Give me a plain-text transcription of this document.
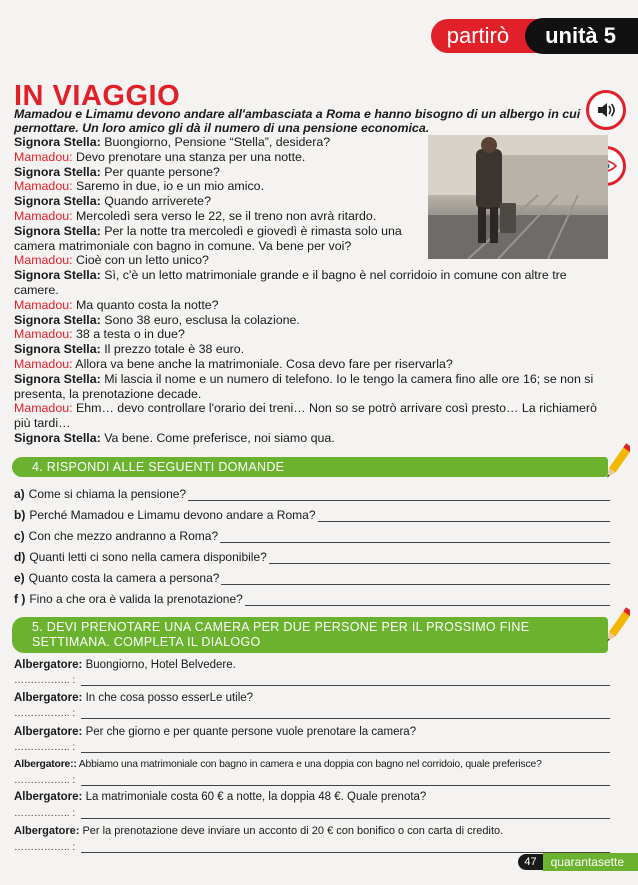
partirò	unità 5
IN VIAGGIO
Mamadou e Limamu devono andare all'ambasciata a Roma e hanno bisogno di un albergo in cui pernottare. Un loro amico gli dà il numero di una pensione economica.

Signora Stella: Buongiorno, Pensione “Stella”, desidera?

Mamadou: Devo prenotare una stanza per una notte.

Signora Stella: Per quante persone?

Mamadou: Saremo in due, io e un mio amico.

Signora Stella: Quando arriverete?

Mamadou: Mercoledì sera verso le 22, se il treno non avrà ritardo.

Signora Stella: Per la notte tra mercoledì e giovedì è rimasta solo una camera matrimoniale con bagno in comune. Va bene per voi?

Mamadou: Cioè con un letto unico?

Signora Stella: Sì, c'è un letto matrimoniale grande e il bagno è nel corridoio in comune con altre tre camere.

Mamadou: Ma quanto costa la notte?

Signora Stella: Sono 38 euro, esclusa la colazione.

Mamadou: 38 a testa o in due?

Signora Stella: Il prezzo totale è 38 euro.

Mamadou: Allora va bene anche la matrimoniale. Cosa devo fare per riservarla?

Signora Stella: Mi lascia il nome e un numero di telefono. Io le tengo la camera fino alle ore 16; se non si presenta, la prenotazione decade.

Mamadou: Ehm… devo controllare l'orario dei treni… Non so se potrò arrivare così presto… La richiamerò più tardi…

Signora Stella: Va bene. Come preferisce, noi siamo qua.

4. RISPONDI ALLE SEGUENTI DOMANDE
a) Come si chiama la pensione?
b) Perché Mamadou e Limamu devono andare a Roma?
c) Con che mezzo andranno a Roma?
d) Quanti letti ci sono nella camera disponibile?
e) Quanto costa la camera a persona?
f ) Fino a che ora è valida la prenotazione?
5. DEVI PRENOTARE UNA CAMERA PER DUE PERSONE PER IL PROSSIMO FINE
SETTIMANA. COMPLETA IL DIALOGO
Albergatore: Buongiorno, Hotel Belvedere.
…………….. :
Albergatore: In che cosa posso esserLe utile?
…………….. :
Albergatore: Per che giorno e per quante persone vuole prenotare la camera?
…………….. :
Albergatore:: Abbiamo una matrimoniale con bagno in camera e una doppia con bagno nel corridoio, quale preferisce?
…………….. :
Albergatore: La matrimoniale costa 60 € a notte, la doppia 48 €. Quale prenota?
…………….. :
Albergatore: Per la prenotazione deve inviare un acconto di 20 € con bonifico o con carta di credito.
…………….. :
47	quarantasette
